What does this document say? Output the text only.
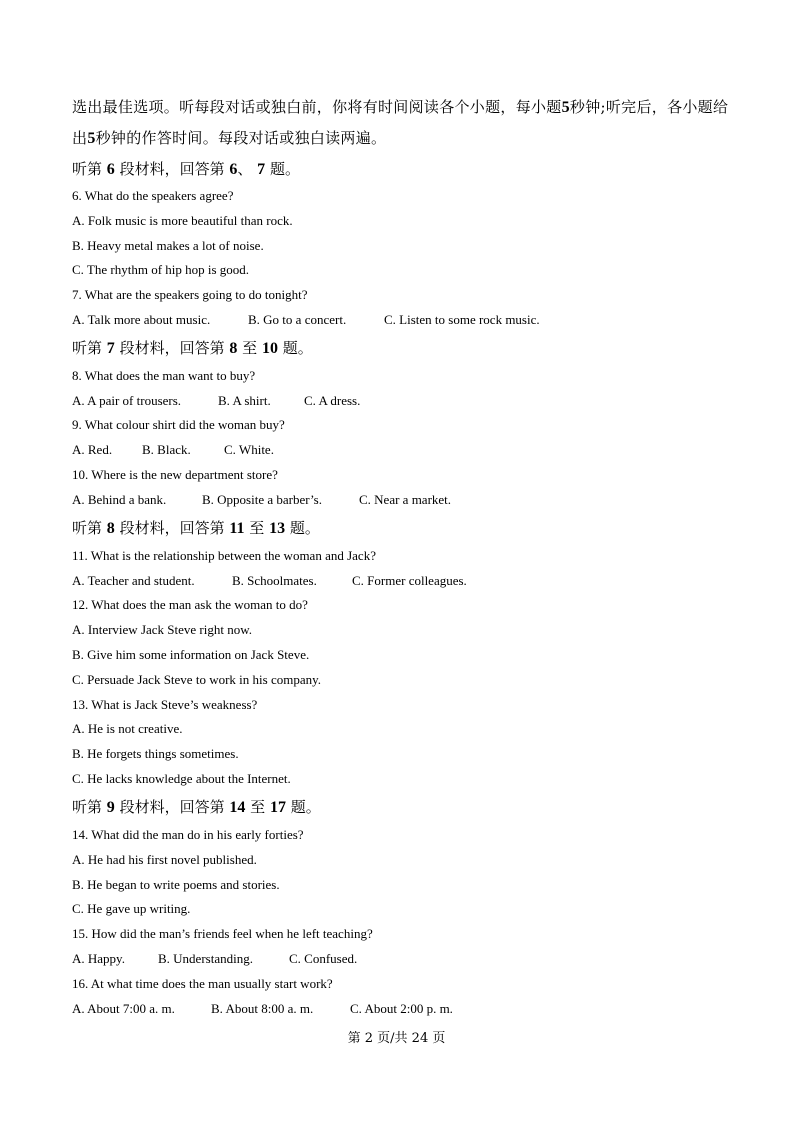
选出最佳选项。听每段对话或独白前，你将有时间阅读各个小题，每小题5秒钟;听完后，各小题给出5秒钟的作答时间。每段对话或独白读两遍。
听第 6 段材料，回答第 6、 7 题。
6. What do the speakers agree?
A. Folk music is more beautiful than rock.
B. Heavy metal makes a lot of noise.
C. The rhythm of hip hop is good.
7. What are the speakers going to do tonight?
A. Talk more about music.	B. Go to a concert.	C. Listen to some rock music.
听第 7 段材料，回答第 8 至 10 题。
8. What does the man want to buy?
A. A pair of trousers.	B. A shirt.	C. A dress.
9. What colour shirt did the woman buy?
A. Red. B. Black.	C. White.
10. Where is the new department store?
A. Behind a bank.	B. Opposite a barber’s.	C. Near a market.
听第 8 段材料，回答第 11 至 13 题。
11. What is the relationship between the woman and Jack?
A. Teacher and student.	B. Schoolmates.	C. Former colleagues.
12. What does the man ask the woman to do?
A. Interview Jack Steve right now.
B. Give him some information on Jack Steve.
C. Persuade Jack Steve to work in his company.
13. What is Jack Steve’s weakness?
A. He is not creative.
B. He forgets things sometimes.
C. He lacks knowledge about the Internet.
听第 9 段材料，回答第 14 至 17 题。
14. What did the man do in his early forties?
A. He had his first novel published.
B. He began to write poems and stories.
C. He gave up writing.
15. How did the man’s friends feel when he left teaching?
A. Happy.	B. Understanding.	C. Confused.
16. At what time does the man usually start work?
A. About 7:00 a. m.	B. About 8:00 a. m.	C. About 2:00 p. m.
第 2 页/共 24 页
